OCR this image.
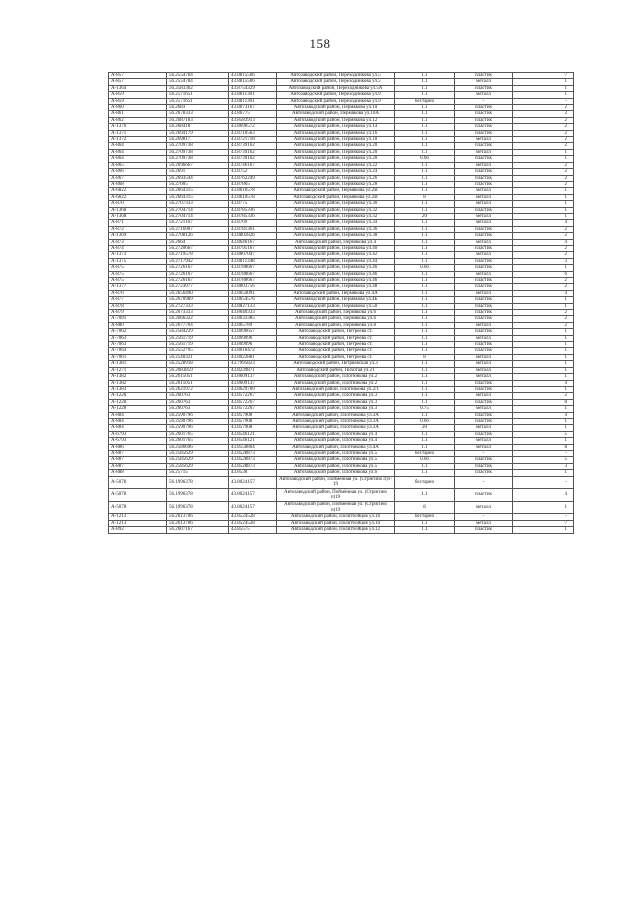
158
А-857	56.2554784	43.8815506	Автозаводский район, Переходникова ул.5	1.1	пластик	7
А-857	56.2554784	43.8815506	Автозаводский район, Переходникова ул.5	1.1	металл	1
А-1364	56.2583362	43.8754329	Автозаводский район, Переходникова ул.5А	1.1	пластик	1
А-859	56.2571651	43.8811301	Автозаводский район, Переходникова ул.9	1.1	металл	1
А-859	56.2571651	43.8811301	Автозаводский район, Переходникова ул.9	бестарно	-	-
А-860	56.2683	43.8673167	Автозаводский район, Пермякова ул.10	1.1	пластик	2
А-861	56.2678333	43.86775	Автозаводский район, Пермякова ул.10А	1.1	пластик	2
А-862	56.2687183	43.8583913	Автозаводский район, Пермякова ул.12	1.1	пластик	2
А-1370	56.268418	43.8696572	Автозаводский район, Пермякова ул.14	1.1	пластик	2
А-1371	56.2694179	43.8710563	Автозаводский район, Пермякова ул.16	1.1	пластик	2
А-1372	56.269817	43.8721718	Автозаводский район, Пермякова ул.18	1.1	металл	2
А-864	56.2709738	43.8739162	Автозаводский район, Пермякова ул.20	1.1	пластик	2
А-864	56.2709738	43.8739162	Автозаводский район, Пермякова ул.20	1.1	металл	1
А-864	56.2709738	43.8739162	Автозаводский район, Пермякова ул.20	0.66	пластик	1
А-865	56.2696667	43.8746167	Автозаводский район, Пермякова ул.22	1.1	металл	2
А-866	56.2691	43.8752	Автозаводский район, Пермякова ул.24	1.1	пластик	2
А-867	56.2693544	43.8762249	Автозаводский район, Пермякова ул.26	1.1	пластик	2
А-868	56.27005	43.87865	Автозаводский район, Пермякова ул.28	1.1	пластик	2
А-6822	56.2664315	43.8610578	Автозаводский район, Пермякова ул.2В	1.1	металл	1
А-6822	56.2664315	43.8610578	Автозаводский район, Пермякова ул.2В	8	металл	1
А-870	56.2707333	43.8775	Автозаводский район, Пермякова ул.30	1.1	металл	1
А-1368	56.2704714	43.8785336	Автозаводский район, Пермякова ул.32	1.1	пластик	1
А-1368	56.2704714	43.8785336	Автозаводский район, Пермякова ул.32	20	металл	1
А-871	56.2721167	43.8769	Автозаводский район, Пермякова ул.34	1.1	металл	4
А-872	56.2716907	43.8781361	Автозаводский район, Пермякова ул.36	1.1	пластик	2
А-1369	56.2708126	43.8802826	Автозаводский район, Пермякова ул.38	1.1	пластик	2
А-873	56.2664	43.8646167	Автозаводский район, Пермякова ул.4	1.1	металл	4
А-874	56.2720667	43.8795167	Автозаводский район, Пермякова ул.40	1.1	пластик	2
А-1373	56.2719578	43.8807047	Автозаводский район, Пермякова ул.42	1.1	металл	2
А-1375	56.2717942	43.8811348	Автозаводский район, Пермякова ул.44	1.1	пластик	3
А-875	56.2726167	43.8788667	Автозаводский район, Пермякова ул.46	0.66	пластик	1
А-875	56.2726167	43.8788667	Автозаводский район, Пермякова ул.46	1.1	металл	6
А-875	56.2726167	43.8788667	Автозаводский район, Пермякова ул.46	1.1	пластик	2
А-1377	56.2723077	43.8803756	Автозаводский район, Пермякова ул.48	1.1	пластик	2
А-876	56.2656490	43.8654091	Автозаводский район, Пермякова ул.4А	1.1	металл	4
А-877	56.2670989	43.8654576	Автозаводский район, Пермякова ул.4Б	1.1	пластик	1
А-878	56.2727333	43.8827133	Автозаводский район, Пермякова ул.50	1.1	пластик	1
А-879	56.2673333	43.8640333	Автозаводский район, Пермякова ул.6	1.1	пластик	2
А-7091	56.2666322	43.8633385	Автозаводский район, Пермякова ул.6	1.1	пластик	2
А-880	56.2677704	43.865789	Автозаводский район, Пермякова ул.8	1.1	металл	2
А-7062	56.2584229	43.8096657	Автозаводский район, Петреева ст.	1.1	пластик	1
А-7063	56.2561719	43.809096	Автозаводский район, Петреева ст.	1.1	металл	1
А-7063	56.2561719	43.809096	Автозаводский район, Петреева ст.	1.1	пластик	1
А-7064	56.2552795	43.8016472	Автозаводский район, Петреева ст.	1.1	пластик	1
А-7061	56.2540321	43.8022881	Автозаводский район, Петреева ст.	8	металл	1
А-1381	56.2528918	43.7995823	Автозаводский район, Петряевская ул.3	1.1	металл	1
А-1271	56.2083859	43.8239871	Автозаводский район, Пихотая ул.21	1.1	металл	1
А-1382	56.2615051	43.8609137	Автозаводский район, Плотникова ул.2	1.1	металл	1
А-1382	56.2615051	43.8609137	Автозаводский район, Плотникова ул.2	1.1	пластик	4
А-1383	56.2621972	43.8629709	Автозаводский район, Плотникова ул.2/1	1.1	пластик	1
А-1228	56.260763	43.8572267	Автозаводский район, Плотникова ул.3	1.1	металл	2
А-1228	56.260763	43.8572267	Автозаводский район, Плотникова ул.3	1.1	пластик	8
А-1228	56.260763	43.8572267	Автозаводский район, Плотникова ул.3	0.75	металл	1
А-884	56.2590796	43.857908	Автозаводский район, Плотникова ул.3А	1.1	пластик	4
А-884	56.2590796	43.857908	Автозаводский район, Плотникова ул.3А	0.66	пластик	1
А-884	56.2590796	43.857908	Автозаводский район, Плотникова ул.3А	20	металл	1
А-6793	56.2601765	43.8546121	Автозаводский район, Плотникова ул.4	1.1	пластик	5
А-6793	56.2601765	43.8546121	Автозаводский район, Плотникова ул.4	1.1	металл	1
А-886	56.2586696	43.8558804	Автозаводский район, Плотникова ул.4А	1.1	металл	8
А-887	56.2585629	43.8528873	Автозаводский район, Плотникова ул.5	бестарно	-	-
А-887	56.2585629	43.8528873	Автозаводский район, Плотникова ул.5	0.66	пластик	5
А-887	56.2585629	43.8528873	Автозаводский район, Плотникова ул.5	1.1	пластик	3
А-888	56.25715	43.8538	Автозаводский район, Плотникова ул.6	1.1	пластик	1
А-5078	56.1996378	43.8024157	Автозаводский район, Поймённая ул. (Стригино п)1-19	бестарно	-	-
А-5078	56.1996378	43.8024157	Автозаводский район, Поймённая ул. (Стригино п)19	1.1	пластик	4
А-5078	56.1996378	43.8024157	Автозаводский район, Поймённая ул. (Стригино п)19	8	металл	1
А-1213	56.2613706	43.8524528	Автозаводский район, Политбойцов ул.10	бестарно	-	-
А-1213	56.2613706	43.8524528	Автозаводский район, Политбойцов ул.10	1.1	металл	7
А-892	56.2607167	43.85575	Автозаводский район, Политбойцов ул.12	1.1	пластик	1
